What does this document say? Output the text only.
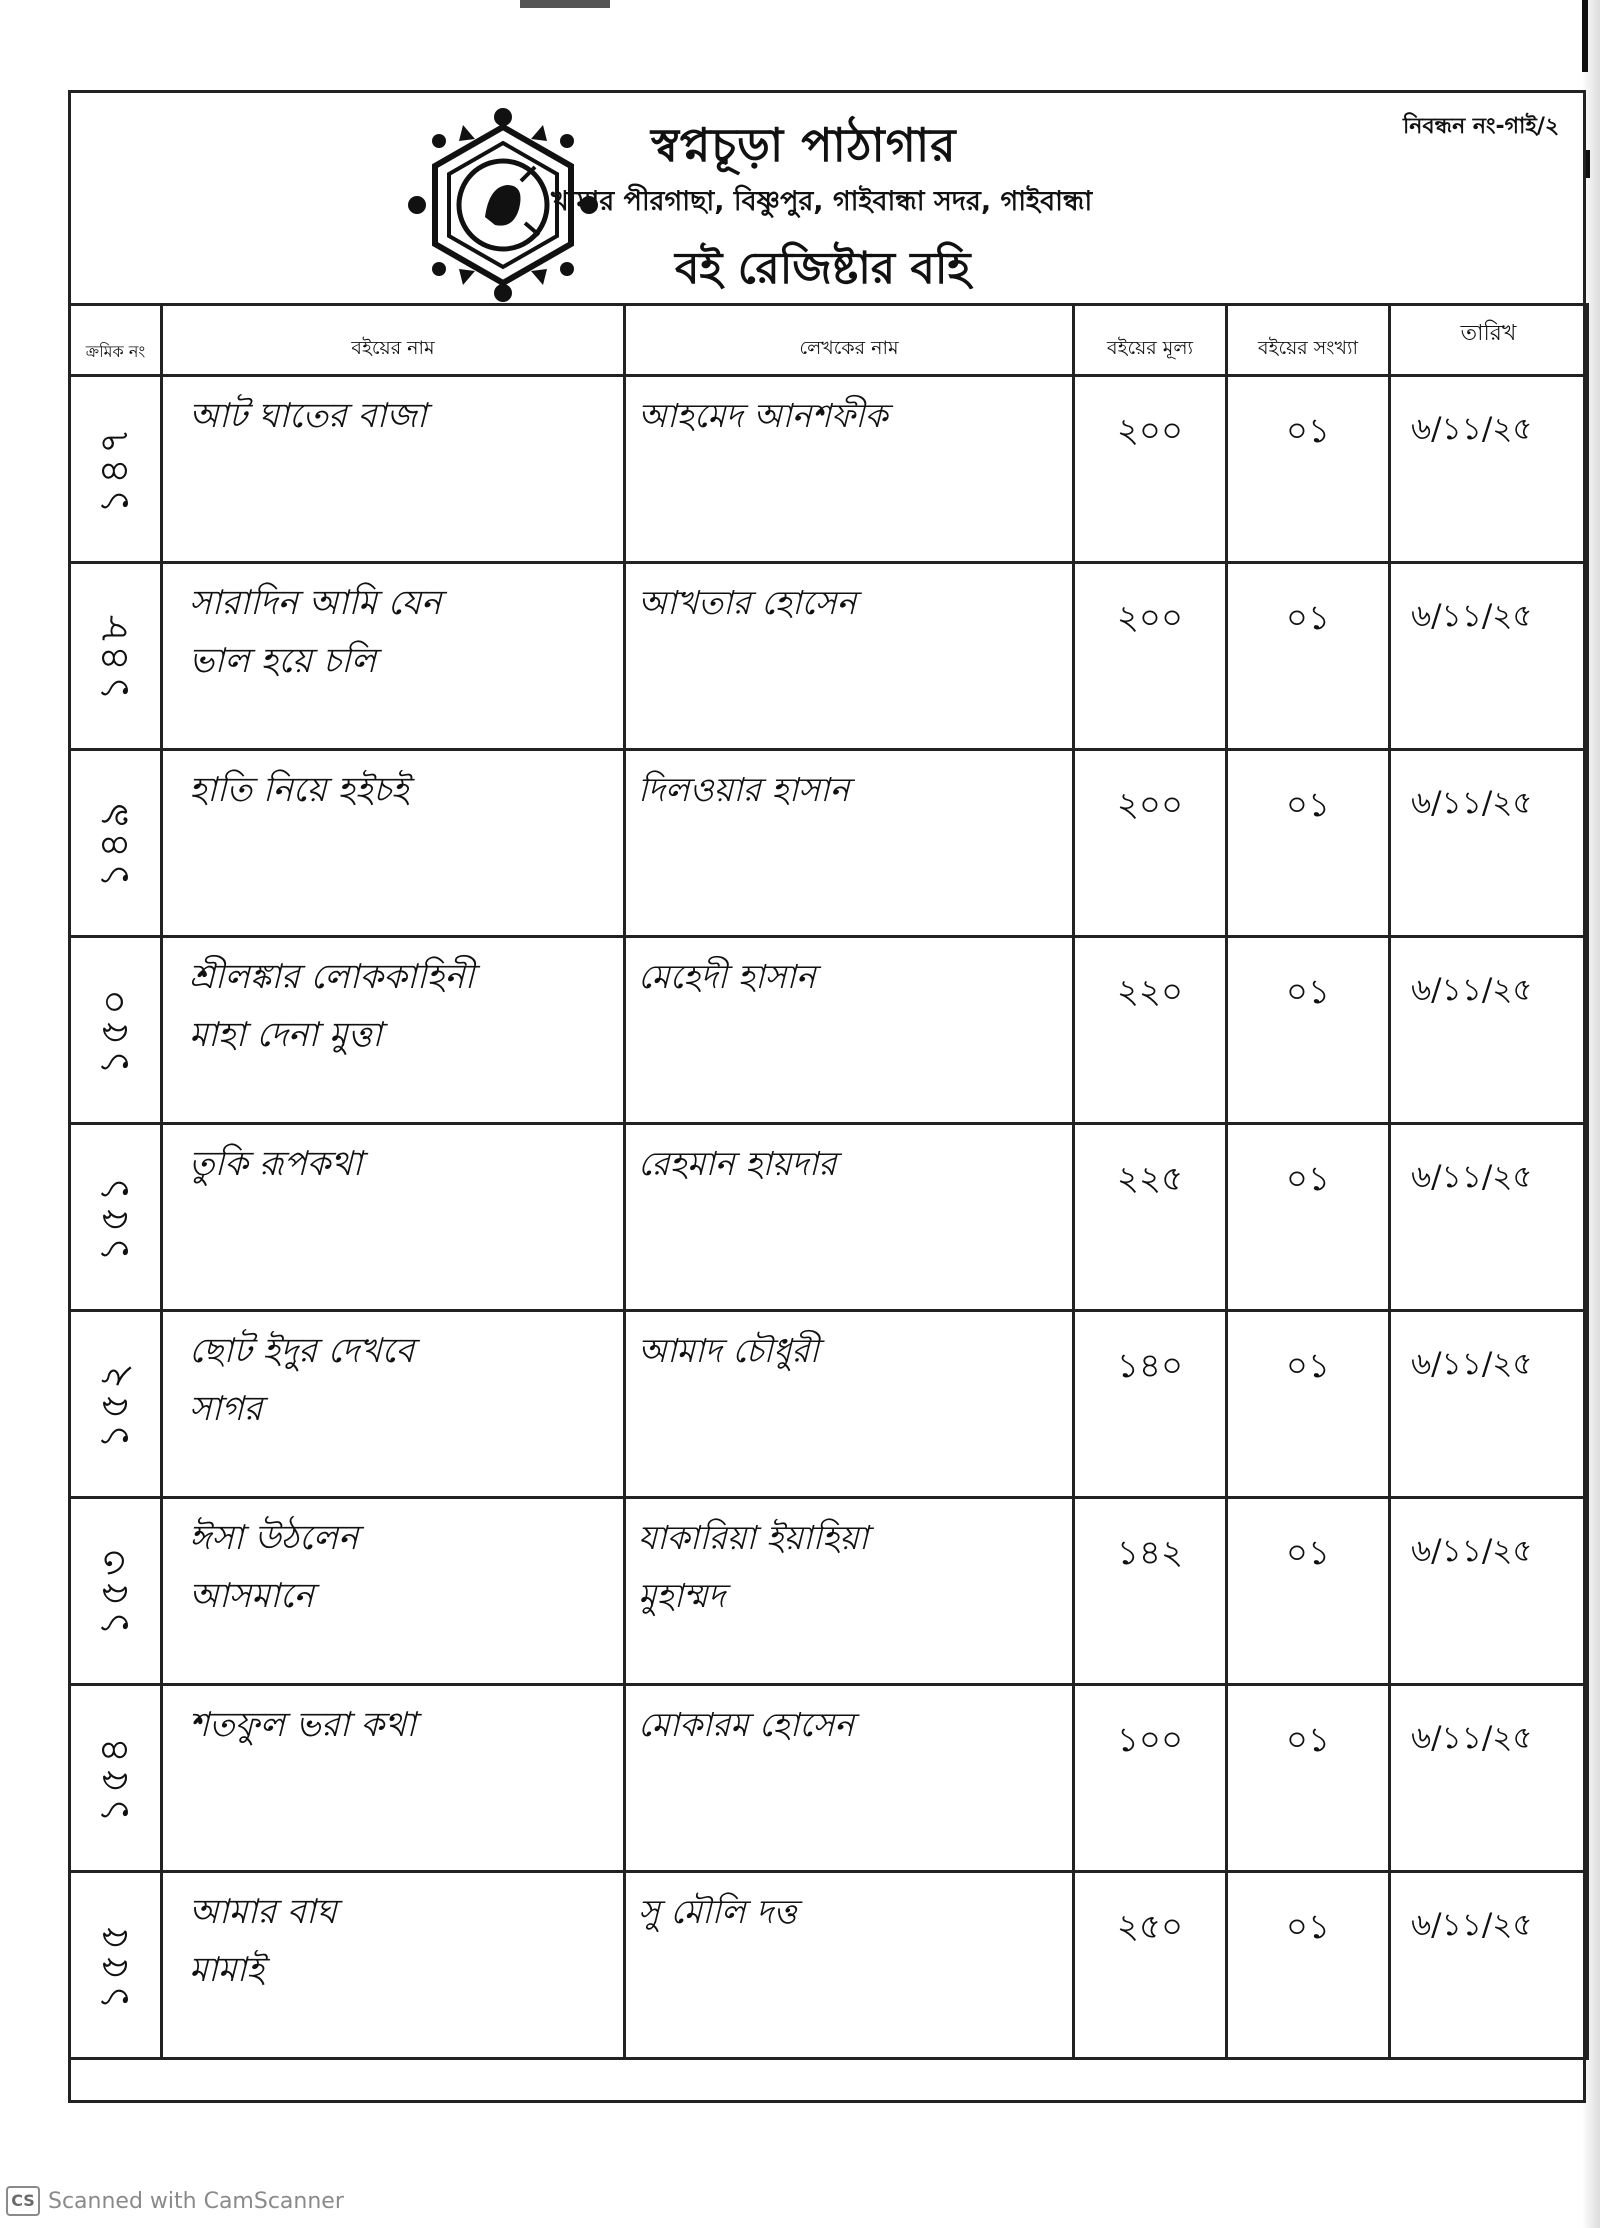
স্বপ্নচূড়া পাঠাগার
খামার পীরগাছা, বিষ্ণুপুর, গাইবান্ধা সদর, গাইবান্ধা
নিবন্ধন নং-গাই/২
বই রেজিষ্টার বহি
ক্রমিক নং	বইয়ের নাম	লেখকের নাম	বইয়ের মূল্য	বইয়ের সংখ্যা	তারিখ

১৪৭	আট ঘাতের বাজা	আহমেদ আনশফীক	২০০	০১	৬/১১/২৫

১৪৮	সারাদিন আমি যেন
ভাল হয়ে চলি	আখতার হোসেন	২০০	০১	৬/১১/২৫

১৪৯	হাতি নিয়ে হইচই	দিলওয়ার হাসান	২০০	০১	৬/১১/২৫

১৫০	শ্রীলঙ্কার লোককাহিনী
মাহা দেনা মুত্তা	মেহেদী হাসান	২২০	০১	৬/১১/২৫

১৫১	তুকি রূপকথা	রেহমান হায়দার	২২৫	০১	৬/১১/২৫

১৫২	ছোট ইদুর দেখবে
সাগর	আমাদ চৌধুরী	১৪০	০১	৬/১১/২৫

১৫৩	ঈসা উঠলেন
আসমানে	যাকারিয়া ইয়াহিয়া
মুহাম্মদ	১৪২	০১	৬/১১/২৫

১৫৪	শতফুল ভরা কথা	মোকারম হোসেন	১০০	০১	৬/১১/২৫

১৫৫	আমার বাঘ
মামাই	সু মৌলি দত্ত	২৫০	০১	৬/১১/২৫
CS Scanned with CamScanner
